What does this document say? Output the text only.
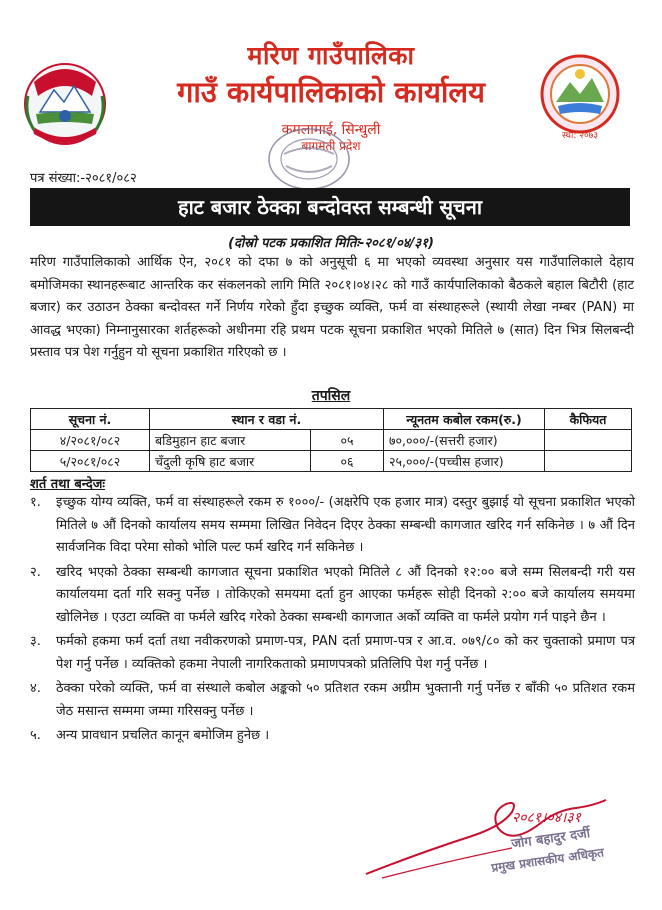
मरिण गाउँपालिका
गाउँ कार्यपालिकाको कार्यालय
कमलामाई, सिन्धुली
बागमती प्रदेश
स्था: २०७३
पत्र संख्या:-२०८१/०८२
हाट बजार ठेक्का बन्दोवस्त सम्बन्धी सूचना
(दोस्रो पटक प्रकाशित मितिः-२०८१/०४/३१)
मरिण गाउँपालिकाको आर्थिक ऐन, २०८१ को दफा ७ को अनुसूची ६ मा भएको व्यवस्था अनुसार यस गाउँपालिकाले देहाय बमोजिमका स्थानहरूबाट आन्तरिक कर संकलनको लागि मिति २०८१।०४।२८ को गाउँ कार्यपालिकाको बैठकले बहाल बिटौरी (हाट बजार) कर उठाउन ठेक्का बन्दोवस्त गर्ने निर्णय गरेको हुँदा इच्छुक व्यक्ति, फर्म वा संस्थाहरूले (स्थायी लेखा नम्बर (PAN) मा आवद्ध भएका) निम्नानुसारका शर्तहरूको अधीनमा रहि प्रथम पटक सूचना प्रकाशित भएको मितिले ७ (सात) दिन भित्र सिलबन्दी प्रस्ताव पत्र पेश गर्नुहुन यो सूचना प्रकाशित गरिएको छ ।
तपसिल
सूचना नं.	स्थान र वडा नं.		न्यूनतम कबोल रकम(रु.)	कैफियत
४/२०८१/०८२	बडिमुहान हाट बजार	०५	७०,०००/-(सत्तरी हजार)	
५/२०८१/०८२	चँदुली कृषि हाट बजार	०६	२५,०००/-(पच्चीस हजार)	
शर्त तथा बन्देजः
१. इच्छुक योग्य व्यक्ति, फर्म वा संस्थाहरूले रकम रु १०००/- (अक्षरेपि एक हजार मात्र) दस्तुर बुझाई यो सूचना प्रकाशित भएको मितिले ७ औं दिनको कार्यालय समय सम्ममा लिखित निवेदन दिएर ठेक्का सम्बन्धी कागजात खरिद गर्न सकिनेछ । ७ औं दिन सार्वजनिक विदा परेमा सोको भोलि पल्ट फर्म खरिद गर्न सकिनेछ ।
२. खरिद भएको ठेक्का सम्बन्धी कागजात सूचना प्रकाशित भएको मितिले ८ औं दिनको १२:०० बजे सम्म सिलबन्दी गरी यस कार्यालयमा दर्ता गरि सक्नु पर्नेछ । तोकिएको समयमा दर्ता हुन आएका फर्महरू सोही दिनको २:०० बजे कार्यालय समयमा खोलिनेछ । एउटा व्यक्ति वा फर्मले खरिद गरेको ठेक्का सम्बन्धी कागजात अर्को व्यक्ति वा फर्मले प्रयोग गर्न पाइने छैन ।
३. फर्मको हकमा फर्म दर्ता तथा नवीकरणको प्रमाण-पत्र, PAN दर्ता प्रमाण-पत्र र आ.व. ०७९/८० को कर चुक्ताको प्रमाण पत्र पेश गर्नु पर्नेछ । व्यक्तिको हकमा नेपाली नागरिकताको प्रमाणपत्रको प्रतिलिपि पेश गर्नु पर्नेछ ।
४. ठेक्का परेको व्यक्ति, फर्म वा संस्थाले कबोल अङ्कको ५० प्रतिशत रकम अग्रीम भुक्तानी गर्नु पर्नेछ र बाँकी ५० प्रतिशत रकम जेठ मसान्त सम्ममा जम्मा गरिसक्नु पर्नेछ ।
५. अन्य प्रावधान प्रचलित कानून बमोजिम हुनेछ ।
२०८१।०४।३१
जोग बहादुर दर्जी
प्रमुख प्रशासकीय अधिकृत
